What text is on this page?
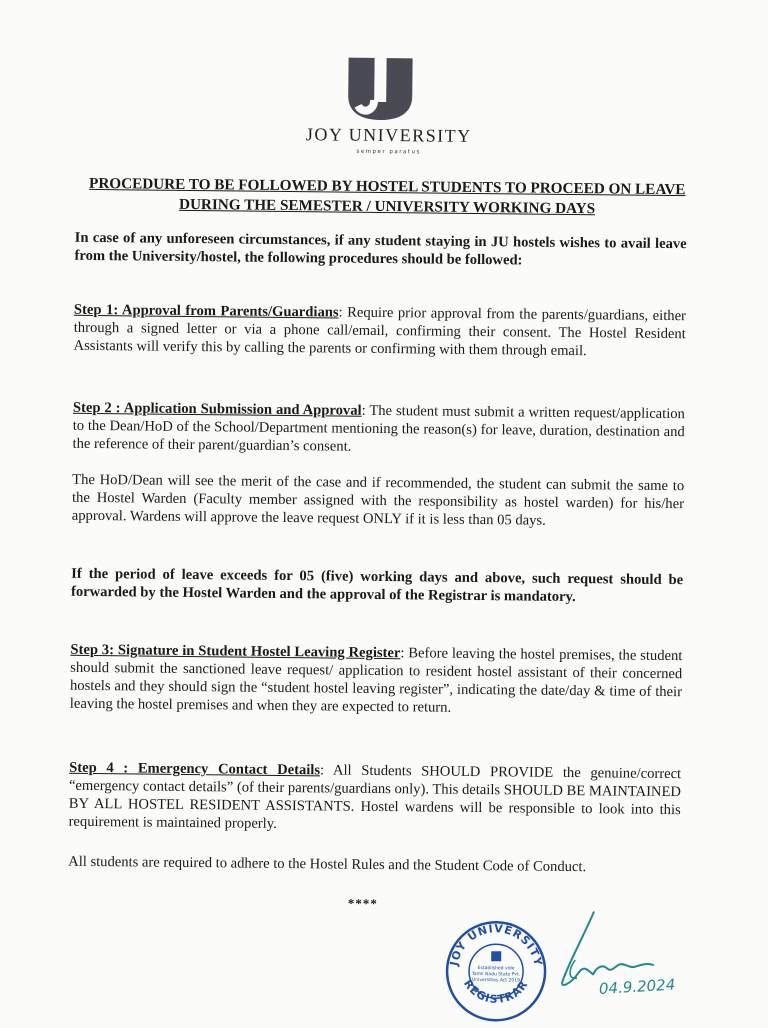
JOY UNIVERSITY
semper paratus
PROCEDURE TO BE FOLLOWED BY HOSTEL STUDENTS TO PROCEED ON LEAVE DURING THE SEMESTER / UNIVERSITY WORKING DAYS
In case of any unforeseen circumstances, if any student staying in JU hostels wishes to avail leave from the University/hostel, the following procedures should be followed:
Step 1: Approval from Parents/Guardians: Require prior approval from the parents/guardians, either through a signed letter or via a phone call/email, confirming their consent. The Hostel Resident Assistants will verify this by calling the parents or confirming with them through email.
Step 2 : Application Submission and Approval: The student must submit a written request/application to the Dean/HoD of the School/Department mentioning the reason(s) for leave, duration, destination and the reference of their parent/guardian’s consent.
The HoD/Dean will see the merit of the case and if recommended, the student can submit the same to the Hostel Warden (Faculty member assigned with the responsibility as hostel warden) for his/her approval. Wardens will approve the leave request ONLY if it is less than 05 days.
If the period of leave exceeds for 05 (five) working days and above, such request should be forwarded by the Hostel Warden and the approval of the Registrar is mandatory.
Step 3: Signature in Student Hostel Leaving Register: Before leaving the hostel premises, the student should submit the sanctioned leave request/ application to resident hostel assistant of their concerned hostels and they should sign the “student hostel leaving register”, indicating the date/day & time of their leaving the hostel premises and when they are expected to return.
Step 4 : Emergency Contact Details: All Students SHOULD PROVIDE the genuine/correct “emergency contact details” (of their parents/guardians only). This details SHOULD BE MAINTAINED BY ALL HOSTEL RESIDENT ASSISTANTS. Hostel wardens will be responsible to look into this requirement is maintained properly.
All students are required to adhere to the Hostel Rules and the Student Code of Conduct.
****
JOY UNIVERSITY
REGISTRAR
Established vide
Tamil Nadu State Pvt.
Universities Act 2019	04.9.2024
